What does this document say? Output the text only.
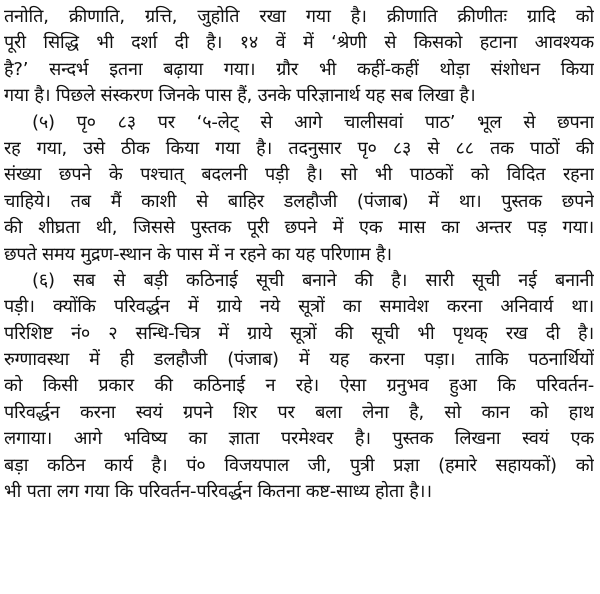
तनोति, क्रीणाति, ग्रत्ति, जुहोति रखा गया है। क्रीणाति क्रीणीतः ग्रादि को
पूरी सिद्धि भी दर्शा दी है। १४ वें में ‘श्रेणी से किसको हटाना आवश्यक
है?’ सन्दर्भ इतना बढ़ाया गया। ग्रौर भी कहीं-कहीं थोड़ा संशोधन किया
गया है। पिछले संस्करण जिनके पास हैं, उनके परिज्ञानार्थ यह सब लिखा है।
(५) पृ० ८३ पर ‘५-लेट् से आगे चालीसवां पाठ’ भूल से छपना
रह गया, उसे ठीक किया गया है। तदनुसार पृ० ८३ से ८८ तक पाठों की
संख्या छपने के पश्चात् बदलनी पड़ी है। सो भी पाठकों को विदित रहना
चाहिये। तब मैं काशी से बाहिर डलहौजी (पंजाब) में था। पुस्तक छपने
की शीघ्रता थी, जिससे पुस्तक पूरी छपने में एक मास का अन्तर पड़ गया।
छपते समय मुद्रण-स्थान के पास में न रहने का यह परिणाम है।
(६) सब से बड़ी कठिनाई सूची बनाने की है। सारी सूची नई बनानी
पड़ी। क्योंकि परिवर्द्धन में ग्राये नये सूत्रों का समावेश करना अनिवार्य था।
परिशिष्ट नं० २ सन्धि-चित्र में ग्राये सूत्रों की सूची भी पृथक् रख दी है।
रुग्णावस्था में ही डलहौजी (पंजाब) में यह करना पड़ा। ताकि पठनार्थियों
को किसी प्रकार की कठिनाई न रहे। ऐसा ग्रनुभव हुआ कि परिवर्तन-
परिवर्द्धन करना स्वयं ग्रपने शिर पर बला लेना है, सो कान को हाथ
लगाया। आगे भविष्य का ज्ञाता परमेश्वर है। पुस्तक लिखना स्वयं एक
बड़ा कठिन कार्य है। पं० विजयपाल जी, पुत्री प्रज्ञा (हमारे सहायकों) को
भी पता लग गया कि परिवर्तन-परिवर्द्धन कितना कष्ट-साध्य होता है।।
